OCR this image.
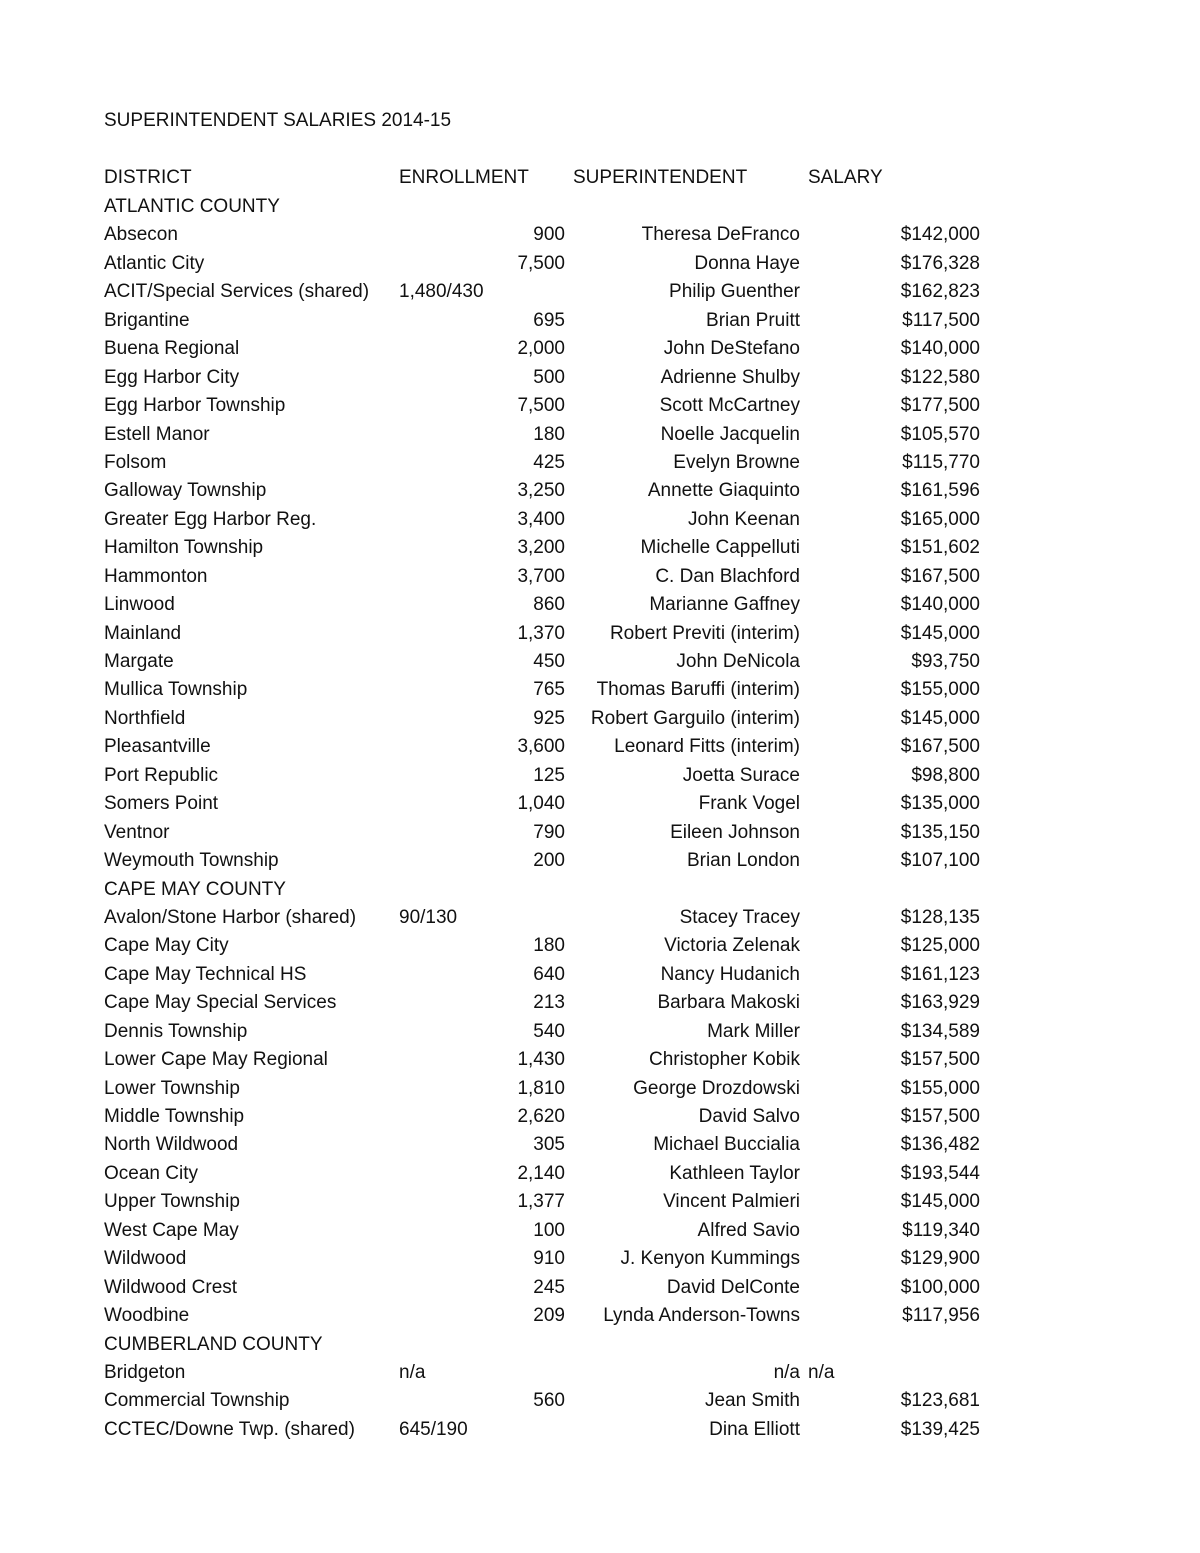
SUPERINTENDENT SALARIES 2014-15
DISTRICT	ENROLLMENT SUPERINTENDENT	SALARY
ATLANTIC COUNTY
Absecon	900	Theresa DeFranco	$142,000
Atlantic City	7,500	Donna Haye	$176,328
ACIT/Special Services (shared) 1,480/430	Philip Guenther	$162,823
Brigantine	695	Brian Pruitt	$117,500
Buena Regional	2,000	John DeStefano	$140,000
Egg Harbor City	500	Adrienne Shulby	$122,580
Egg Harbor Township	7,500	Scott McCartney	$177,500
Estell Manor	180	Noelle Jacquelin	$105,570
Folsom	425	Evelyn Browne	$115,770
Galloway Township	3,250	Annette Giaquinto	$161,596
Greater Egg Harbor Reg.	3,400	John Keenan	$165,000
Hamilton Township	3,200	Michelle Cappelluti	$151,602
Hammonton	3,700	C. Dan Blachford	$167,500
Linwood	860	Marianne Gaffney	$140,000
Mainland	1,370 Robert Previti (interim)	$145,000
Margate	450	John DeNicola	$93,750
Mullica Township	765 Thomas Baruffi (interim)	$155,000
Northfield	925 Robert Garguilo (interim)	$145,000
Pleasantville	3,600	Leonard Fitts (interim)	$167,500
Port Republic	125	Joetta Surace	$98,800
Somers Point	1,040	Frank Vogel	$135,000
Ventnor	790	Eileen Johnson	$135,150
Weymouth Township	200	Brian London	$107,100
CAPE MAY COUNTY
Avalon/Stone Harbor (shared) 90/130	Stacey Tracey	$128,135
Cape May City	180	Victoria Zelenak	$125,000
Cape May Technical HS	640	Nancy Hudanich	$161,123
Cape May Special Services	213	Barbara Makoski	$163,929
Dennis Township	540	Mark Miller	$134,589
Lower Cape May Regional	1,430	Christopher Kobik	$157,500
Lower Township	1,810	George Drozdowski	$155,000
Middle Township	2,620	David Salvo	$157,500
North Wildwood	305	Michael Buccialia	$136,482
Ocean City	2,140	Kathleen Taylor	$193,544
Upper Township	1,377	Vincent Palmieri	$145,000
West Cape May	100	Alfred Savio	$119,340
Wildwood	910	J. Kenyon Kummings	$129,900
Wildwood Crest	245	David DelConte	$100,000
Woodbine	209 Lynda Anderson-Towns	$117,956
CUMBERLAND COUNTY
Bridgeton	n/a	n/a n/a
Commercial Township	560	Jean Smith	$123,681
CCTEC/Downe Twp. (shared) 645/190	Dina Elliott	$139,425
